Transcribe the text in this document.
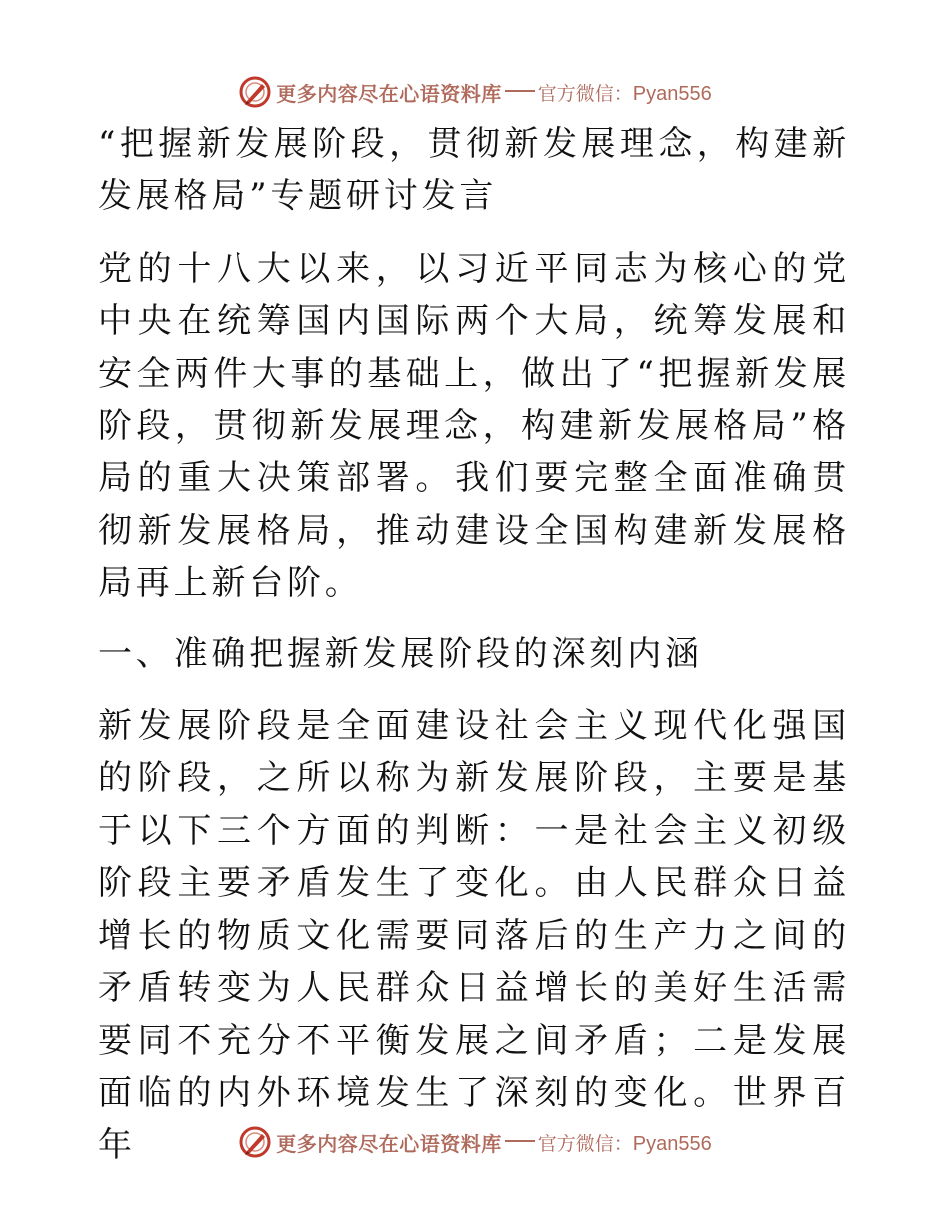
更多内容尽在心语资料库 官方微信：Pyan556

“把握新发展阶段，贯彻新发展理念，构建新发展格局”专题研讨发言

党的十八大以来，以习近平同志为核心的党中央在统筹国内国际两个大局，统筹发展和安全两件大事的基础上，做出了“把握新发展阶段，贯彻新发展理念，构建新发展格局”格局的重大决策部署。我们要完整全面准确贯彻新发展格局，推动建设全国构建新发展格局再上新台阶。

一、准确把握新发展阶段的深刻内涵

新发展阶段是全面建设社会主义现代化强国的阶段，之所以称为新发展阶段，主要是基于以下三个方面的判断：一是社会主义初级阶段主要矛盾发生了变化。由人民群众日益增长的物质文化需要同落后的生产力之间的矛盾转变为人民群众日益增长的美好生活需要同不充分不平衡发展之间矛盾；二是发展面临的内外环境发生了深刻的变化。世界百年	更多内容尽在心语资料库 官方微信：Pyan556
